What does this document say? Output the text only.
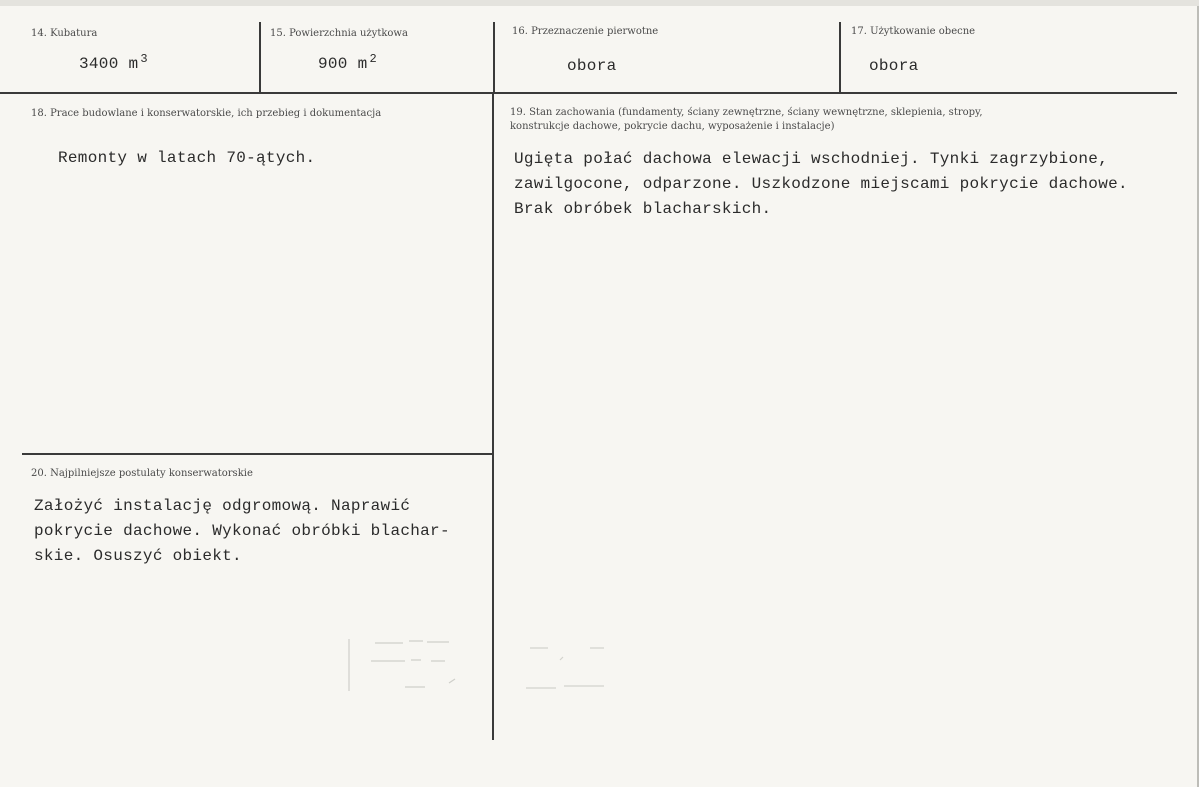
14. Kubatura
3400 m $^3$
15. Powierzchnia użytkowa
900 m $^2$
16. Przeznaczenie pierwotne
obora
17. Użytkowanie obecne
obora
18. Prace budowlane i konserwatorskie, ich przebieg i dokumentacja
Remonty w latach 70-ątych.
19. Stan zachowania (fundamenty, ściany zewnętrzne, ściany wewnętrzne, sklepienia, stropy,
konstrukcje dachowe, pokrycie dachu, wyposażenie i instalacje)
Ugięta połać dachowa elewacji wschodniej. Tynki zagrzybione,
zawilgocone, odparzone. Uszkodzone miejscami pokrycie dachowe.
Brak obróbek blacharskich.
20. Najpilniejsze postulaty konserwatorskie
Założyć instalację odgromową. Naprawić
pokrycie dachowe. Wykonać obróbki blachar-
skie. Osuszyć obiekt.
